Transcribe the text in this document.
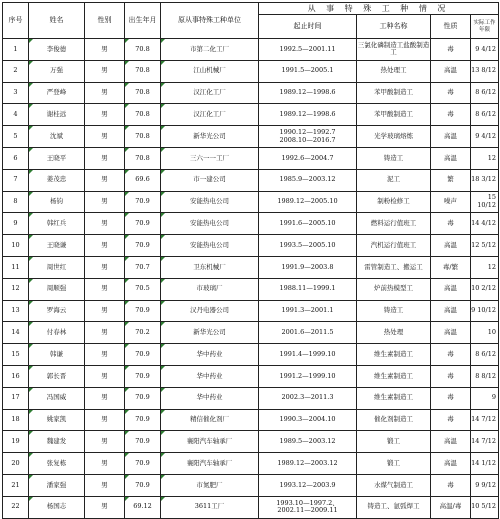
序号	姓名	性别	出生年月	原从事特殊工种单位	从 事 特 殊 工 种 情 况			
					起止时间	工种名称	性质	实际工作年限
1	李俊德	男	70.8	市第二化工厂	1992.5—2001.11	三氯化磷制造工盐酸制造工	毒	9 4/12
2	万强	男	70.8	江山机械厂	1991.5—2005.1	热处理工	高温	13 8/12
3	严登峰	男	70.8	汉江化工厂	1989.12—1998.6	苯甲酸制造工	毒	8 6/12
4	谢桂远	男	70.8	汉江化工厂	1989.12—1998.6	苯甲酸制造工	毒	8 6/12
5	沈斌	男	70.8	新华光公司	1990.12—1992.7
2008.10—2016.7	光学玻璃熔炼	高温	9 4/12
6	王晓平	男	70.8	三六一一工厂	1992.6—2004.7	铸造工	高温	12
7	姜茂忠	男	69.6	市一建公司	1985.9—2003.12	泥工	繁	18 3/12
8	杨钧	男	70.9	安能热电公司	1989.12—2005.10	制粉检修工	噪声	15 10/12
9	韩红兵	男	70.9	安能热电公司	1991.6—2005.10	燃料运行值班工	毒	14 4/12
10	王晓谦	男	70.9	安能热电公司	1993.5—2005.10	汽机运行值班工	高温	12 5/12
11	周世红	男	70.7	卫东机械厂	1991.9—2003.8	雷管制造工、搬运工	毒/繁	12
12	周顺强	男	70.5	市玻璃厂	1988.11—1999.1	炉前热模型工	高温	10 2/12
13	罗海云	男	70.9	汉丹电器公司	1991.3—2001.1	铸造工	高温	9 10/12
14	付春林	男	70.2	新华光公司	2001.6—2011.5	热处理	高温	10
15	韩谦	男	70.9	华中药业	1991.4—1999.10	维生素制造工	毒	8 6/12
16	郭长晋	男	70.9	华中药业	1991.2—1999.10	维生素制造工	毒	8 8/12
17	冯国威	男	70.9	华中药业	2002.3—2011.3	维生素制造工	毒	9
18	姚家凯	男	70.9	精信催化剂厂	1990.3—2004.10	催化剂制造工	毒	14 7/12
19	魏建发	男	70.9	襄阳汽车轴承厂	1989.5—2003.12	锻工	高温	14 7/12
20	张复栋	男	70.9	襄阳汽车轴承厂	1989.12—2003.12	锻工	高温	14 1/12
21	潘家强	男	70.9	市氮肥厂	1993.12—2003.9	水煤气制造工	毒	9 9/12
22	杨国志	男	69.12	3611工厂	1993.10—1997.2、
2002.11—2009.11	铸造工、氩弧焊工	高温/毒	10 5/12
